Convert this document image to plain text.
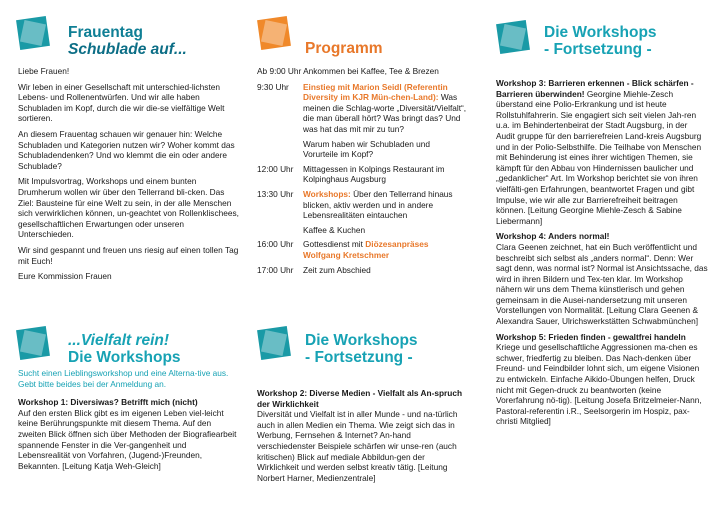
Frauentag
Schublade auf...

Liebe Frauen!

Wir leben in einer Gesellschaft mit unterschied-lichsten Lebens- und Rollenentwürfen. Und wir alle haben Schubladen im Kopf, durch die wir die-se vielfältige Welt sortieren.

An diesem Frauentag schauen wir genauer hin: Welche Schubladen und Kategorien nutzen wir? Woher kommt das Schubladendenken? Und wo klemmt die ein oder andere Schublade?

Mit Impulsvortrag, Workshops und einem bunten Drumherum wollen wir über den Tellerrand bli-cken. Das Ziel: Bausteine für eine Welt zu sein, in der alle Menschen sich verwirklichen können, un-geachtet von Rollenklischees, gesellschaftlichen Erwartungen oder unseren Unterschieden.

Wir sind gespannt und freuen uns riesig auf einen tollen Tag mit Euch!

Eure Kommission Frauen

Programm

Ab 9:00 Uhr Ankommen bei Kaffee, Tee & Brezen

9:30 Uhr	Einstieg mit Marion Seidl (Referentin Diversity im KJR Mün-chen-Land): Was meinen die Schlag-worte „Diversität/Vielfalt“, die man überall hört? Was bringt das? Und was hat das mit mir zu tun?
Warum haben wir Schubladen und Vorurteile im Kopf?
12:00 Uhr	Mittagessen in Kolpings Restaurant im Kolpinghaus Augsburg
13:30 Uhr	Workshops: Über den Tellerrand hinaus blicken, aktiv werden und in andere Lebensrealitäten eintauchen
Kaffee & Kuchen
16:00 Uhr	Gottesdienst mit Diözesanpräses Wolfgang Kretschmer
17:00 Uhr	Zeit zum Abschied
Die Workshops
- Fortsetzung -

Workshop 3: Barrieren erkennen - Blick schärfen - Barrieren überwinden! Georgine Miehle-Zesch überstand eine Polio-Erkrankung und ist heute Rollstuhlfahrerin. Sie engagiert sich seit vielen Jah-ren u.a. im Behindertenbeirat der Stadt Augsburg, in der Audit gruppe für den barrierefreien Land-kreis Augsburg und in der Polio-Selbsthilfe. Die Teilhabe von Menschen mit Behinderung ist eines ihrer wichtigen Themen, sie kämpft für den Abbau von Hindernissen baulicher und „gedanklicher“ Art. Im Workshop berichtet sie von ihren vielfälti-gen Erfahrungen, beantwortet Fragen und gibt Impulse, wie wir alle zur Barrierefreiheit beitragen können. [Leitung Georgine Miehle-Zesch & Sabine Liebermann]

Workshop 4: Anders normal!
Clara Geenen zeichnet, hat ein Buch veröffentlicht und beschreibt sich selbst als „anders normal“. Denn: Wer sagt denn, was normal ist? Normal ist Ansichtssache, das wird in ihren Bildern und Tex-ten klar. Im Workshop nähern wir uns dem Thema künstlerisch und gehen gemeinsam in die Ausei-nandersetzung mit unseren Vorstellungen von Normalität. [Leitung Clara Geenen & Alexandra Sauer, Ulrichswerkstätten Schwabmünchen]

Workshop 5: Frieden finden - gewaltfrei handeln
Kriege und gesellschaftliche Aggressionen ma-chen es schwer, friedfertig zu bleiben. Das Nach-denken über Freund- und Feindbilder lohnt sich, um eigene Visionen zu entwickeln. Einfache Aikido-Übungen helfen, Druck nicht mit Gegen-druck zu beantworten (keine Vorerfahrung nö-tig). [Leitung Josefa Britzelmeier-Nann, Pastoral-referentin i.R., Seelsorgerin im Hospiz, pax-christi Mitglied]

...Vielfalt rein!
Die Workshops

Sucht einen Lieblingsworkshop und eine Alterna-tive aus. Gebt bitte beides bei der Anmeldung an.

Workshop 1: Diversiwas? Betrifft mich (nicht)
Auf den ersten Blick gibt es im eigenen Leben viel-leicht keine Berührungspunkte mit diesem Thema. Auf den zweiten Blick öffnen sich über Methoden der Biografiearbeit spannende Fenster in die Ver-gangenheit und Lebensrealität von Vorfahren, (Jugend-)Freunden, Bekannten. [Leitung Katja Weh-Gleich]

Die Workshops
- Fortsetzung -

Workshop 2: Diverse Medien - Vielfalt als An-spruch der Wirklichkeit
Diversität und Vielfalt ist in aller Munde - und na-türlich auch in allen Medien ein Thema. Wie zeigt sich das in Werbung, Fernsehen & Internet? An-hand verschiedenster Beispiele schärfen wir unse-ren (auch kritischen) Blick auf mediale Abbildun-gen der Wirklichkeit und werden selbst kreativ tätig. [Leitung Norbert Harner, Medienzentrale]
